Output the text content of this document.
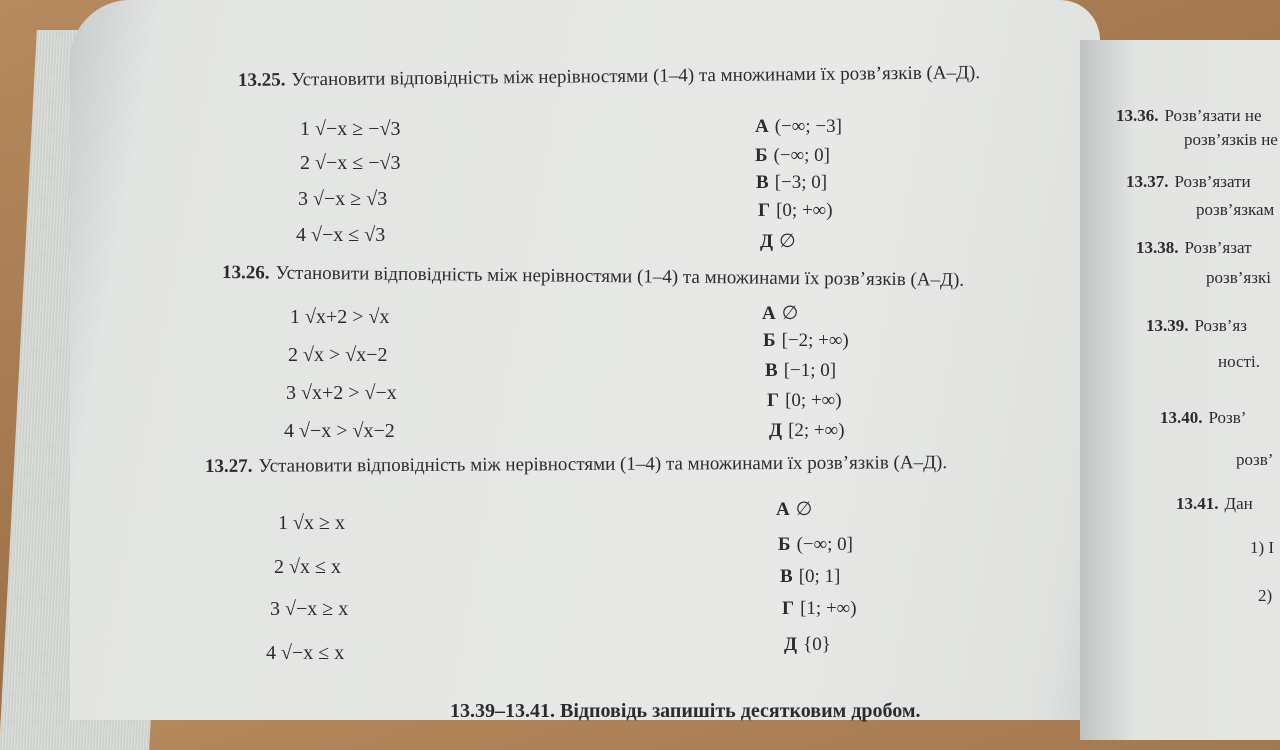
13.25. Установити відповідність між нерівностями (1–4) та множинами їх розв’язків (А–Д).
1 √−x ≥ −√3
2 √−x ≤ −√3
3 √−x ≥ √3
4 √−x ≤ √3
А (−∞; −3]
Б (−∞; 0]
В [−3; 0]
Г [0; +∞)
Д ∅
13.26. Установити відповідність між нерівностями (1–4) та множинами їх розв’язків (А–Д).
1 √x+2 > √x
2 √x > √x−2
3 √x+2 > √−x
4 √−x > √x−2
А ∅
Б [−2; +∞)
В [−1; 0]
Г [0; +∞)
Д [2; +∞)
13.27. Установити відповідність між нерівностями (1–4) та множинами їх розв’язків (А–Д).
1 √x ≥ x
2 √x ≤ x
3 √−x ≥ x
4 √−x ≤ x
А ∅
Б (−∞; 0]
В [0; 1]
Г [1; +∞)
Д {0}
13.36. Розв’язати не
розв’язків не
13.37. Розв’язати
розв’язкам
13.38. Розв’язат
розв’язкі
13.39. Розв’яз
ності.
13.40. Розв’
розв’
13.41. Дан
1) I
2)
13.39–13.41. Відповідь запишіть десятковим дробом.
